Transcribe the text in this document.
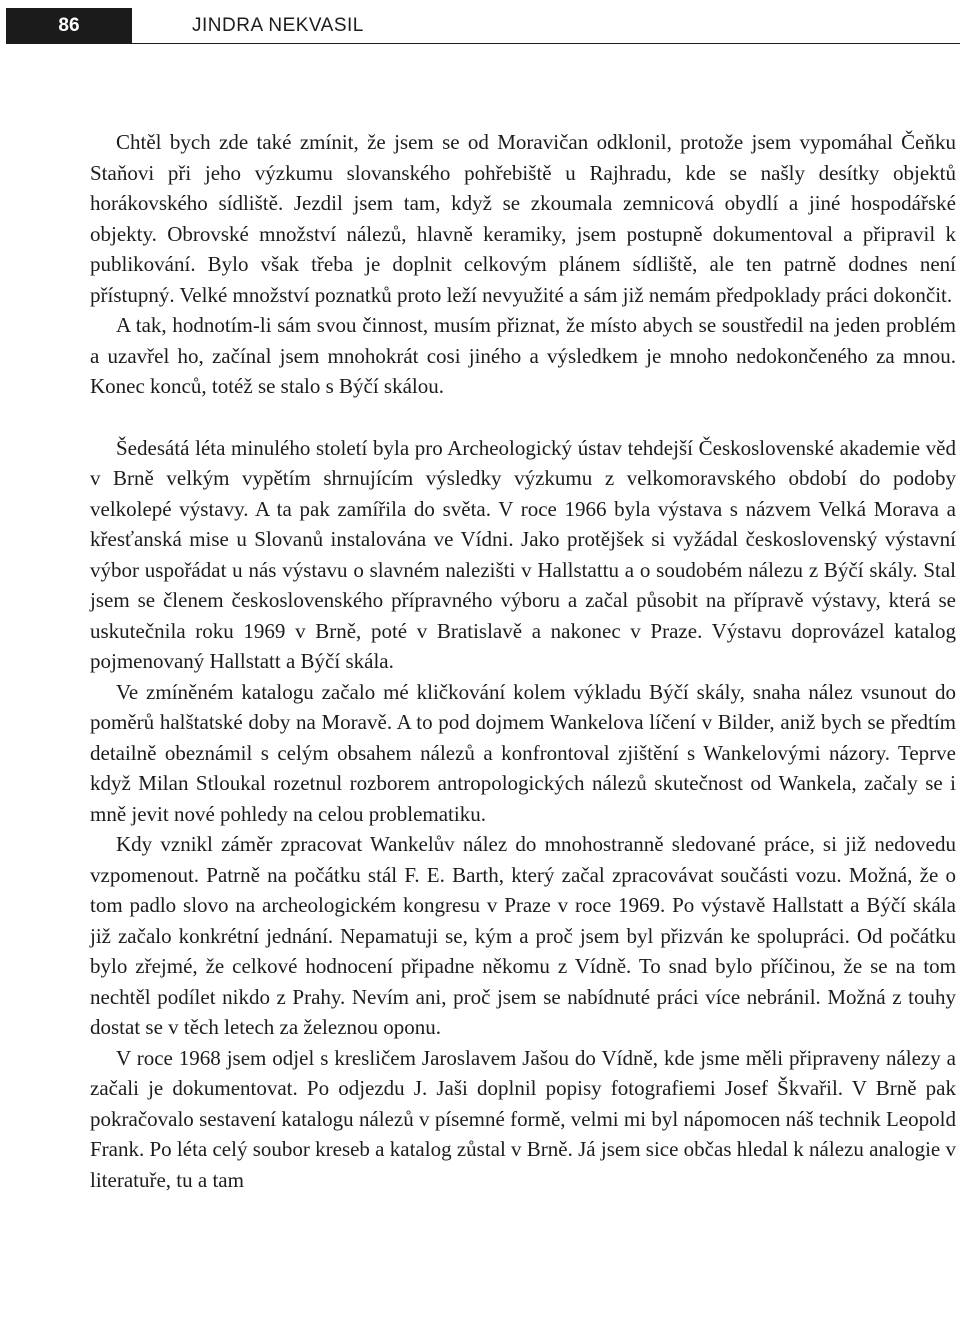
86	JINDRA NEKVASIL

Chtěl bych zde také zmínit, že jsem se od Moravičan odklonil, protože jsem vypomáhal Čeňku Staňovi při jeho výzkumu slovanského pohřebiště u Rajhradu, kde se našly desítky objektů horákovského sídliště. Jezdil jsem tam, když se zkoumala zemnicová obydlí a jiné hospodářské objekty. Obrovské množství nálezů, hlavně keramiky, jsem postupně dokumentoval a připravil k publikování. Bylo však třeba je doplnit celkovým plánem sídliště, ale ten patrně dodnes není přístupný. Velké množství poznatků proto leží nevyužité a sám již nemám předpoklady práci dokončit.

A tak, hodnotím-li sám svou činnost, musím přiznat, že místo abych se soustředil na jeden problém a uzavřel ho, začínal jsem mnohokrát cosi jiného a výsledkem je mnoho nedokončeného za mnou. Konec konců, totéž se stalo s Býčí skálou.

Šedesátá léta minulého století byla pro Archeologický ústav tehdejší Československé akademie věd v Brně velkým vypětím shrnujícím výsledky výzkumu z velkomoravského období do podoby velkolepé výstavy. A ta pak zamířila do světa. V roce 1966 byla výstava s názvem Velká Morava a křesťanská mise u Slovanů instalována ve Vídni. Jako protějšek si vyžádal československý výstavní výbor uspořádat u nás výstavu o slavném nalezišti v Hallstattu a o soudobém nálezu z Býčí skály. Stal jsem se členem československého přípravného výboru a začal působit na přípravě výstavy, která se uskutečnila roku 1969 v Brně, poté v Bratislavě a nakonec v Praze. Výstavu doprovázel katalog pojmenovaný Hallstatt a Býčí skála.

Ve zmíněném katalogu začalo mé kličkování kolem výkladu Býčí skály, snaha nález vsunout do poměrů halštatské doby na Moravě. A to pod dojmem Wankelova líčení v Bilder, aniž bych se předtím detailně obeznámil s celým obsahem nálezů a konfrontoval zjištění s Wankelovými názory. Teprve když Milan Stloukal rozetnul rozborem antropologických nálezů skutečnost od Wankela, začaly se i mně jevit nové pohledy na celou problematiku.

Kdy vznikl záměr zpracovat Wankelův nález do mnohostranně sledované práce, si již nedovedu vzpomenout. Patrně na počátku stál F. E. Barth, který začal zpracovávat součásti vozu. Možná, že o tom padlo slovo na archeologickém kongresu v Praze v roce 1969. Po výstavě Hallstatt a Býčí skála již začalo konkrétní jednání. Nepamatuji se, kým a proč jsem byl přizván ke spolupráci. Od počátku bylo zřejmé, že celkové hodnocení připadne někomu z Vídně. To snad bylo příčinou, že se na tom nechtěl podílet nikdo z Prahy. Nevím ani, proč jsem se nabídnuté práci více nebránil. Možná z touhy dostat se v těch letech za železnou oponu.

V roce 1968 jsem odjel s kresličem Jaroslavem Jašou do Vídně, kde jsme měli připraveny nálezy a začali je dokumentovat. Po odjezdu J. Jaši doplnil popisy fotografiemi Josef Škvařil. V Brně pak pokračovalo sestavení katalogu nálezů v písemné formě, velmi mi byl nápomocen náš technik Leopold Frank. Po léta celý soubor kreseb a katalog zůstal v Brně. Já jsem sice občas hledal k nálezu analogie v literatuře, tu a tam
